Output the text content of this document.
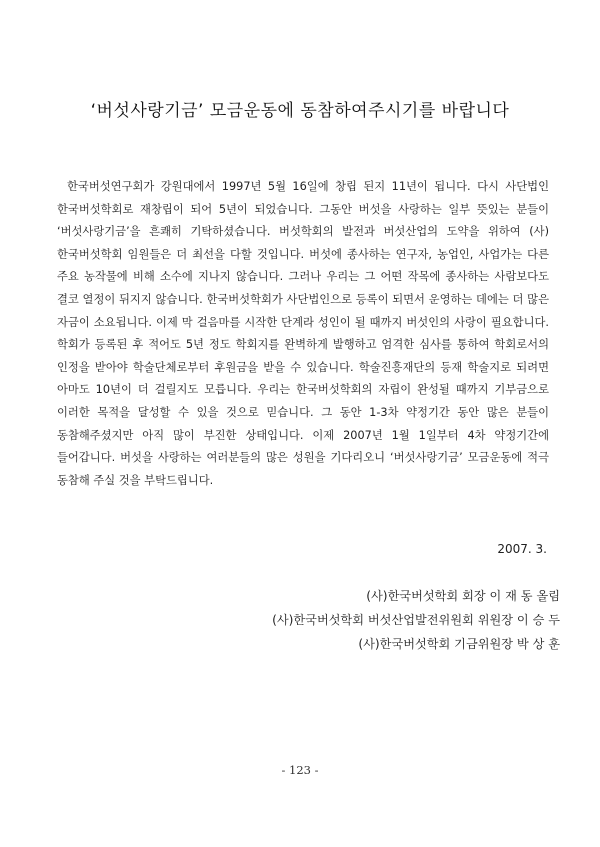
‘버섯사랑기금’ 모금운동에 동참하여주시기를 바랍니다
한국버섯연구회가 강원대에서 1997년 5월 16일에 창립 된지 11년이 됩니다. 다시 사단법인 한국버섯학회로 재창립이 되어 5년이 되었습니다. 그동안 버섯을 사랑하는 일부 뜻있는 분들이 ‘버섯사랑기금’을 흔쾌히 기탁하셨습니다. 버섯학회의 발전과 버섯산업의 도약을 위하여 (사)한국버섯학회 임원들은 더 최선을 다할 것입니다. 버섯에 종사하는 연구자, 농업인, 사업가는 다른 주요 농작물에 비해 소수에 지나지 않습니다. 그러나 우리는 그 어떤 작목에 종사하는 사람보다도 결코 열정이 뒤지지 않습니다. 한국버섯학회가 사단법인으로 등록이 되면서 운영하는 데에는 더 많은 자금이 소요됩니다. 이제 막 걸음마를 시작한 단계라 성인이 될 때까지 버섯인의 사랑이 필요합니다. 학회가 등록된 후 적어도 5년 정도 학회지를 완벽하게 발행하고 엄격한 심사를 통하여 학회로서의 인정을 받아야 학술단체로부터 후원금을 받을 수 있습니다. 학술진흥재단의 등재 학술지로 되려면 아마도 10년이 더 걸릴지도 모릅니다. 우리는 한국버섯학회의 자립이 완성될 때까지 기부금으로 이러한 목적을 달성할 수 있을 것으로 믿습니다. 그 동안 1-3차 약정기간 동안 많은 분들이 동참해주셨지만 아직 많이 부진한 상태입니다. 이제 2007년 1월 1일부터 4차 약정기간에 들어갑니다. 버섯을 사랑하는 여러분들의 많은 성원을 기다리오니 ‘버섯사랑기금’ 모금운동에 적극 동참해 주실 것을 부탁드립니다.
2007. 3.
(사)한국버섯학회 회장 이 재 동 올림
(사)한국버섯학회 버섯산업발전위원회 위원장 이 승 두
(사)한국버섯학회 기금위원장 박 상 훈
- 123 -
